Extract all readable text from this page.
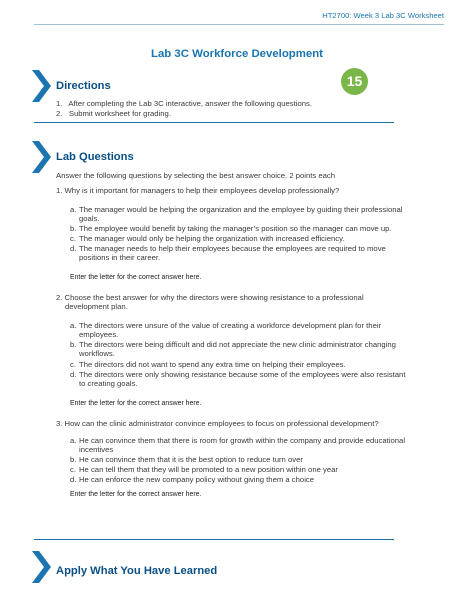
HT2700: Week 3 Lab 3C Worksheet
Lab 3C Workforce Development
15
Directions
1. After completing the Lab 3C interactive, answer the following questions.
2. Submit worksheet for grading.
Lab Questions
Answer the following questions by selecting the best answer choice. 2 points each
1. Why is it important for managers to help their employees develop professionally?
a. The manager would be helping the organization and the employee by guiding their professional
goals.
b. The employee would benefit by taking the manager’s position so the manager can move up.
c. The manager would only be helping the organization with increased efficiency.
d. The manager needs to help their employees because the employees are required to move
positions in their career.
Enter the letter for the correct answer here.
2. Choose the best answer for why the directors were showing resistance to a professional
development plan.
a. The directors were unsure of the value of creating a workforce development plan for their
employees.
b. The directors were being difficult and did not appreciate the new clinic administrator changing
workflows.
c. The directors did not want to spend any extra time on helping their employees.
d. The directors were only showing resistance because some of the employees were also resistant
to creating goals.
Enter the letter for the correct answer here.
3. How can the clinic administrator convince employees to focus on professional development?
a. He can convince them that there is room for growth within the company and provide educational
incentives
b. He can convince them that it is the best option to reduce turn over
c. He can tell them that they will be promoted to a new position within one year
d. He can enforce the new company policy without giving them a choice
Enter the letter for the correct answer here.
Apply What You Have Learned
